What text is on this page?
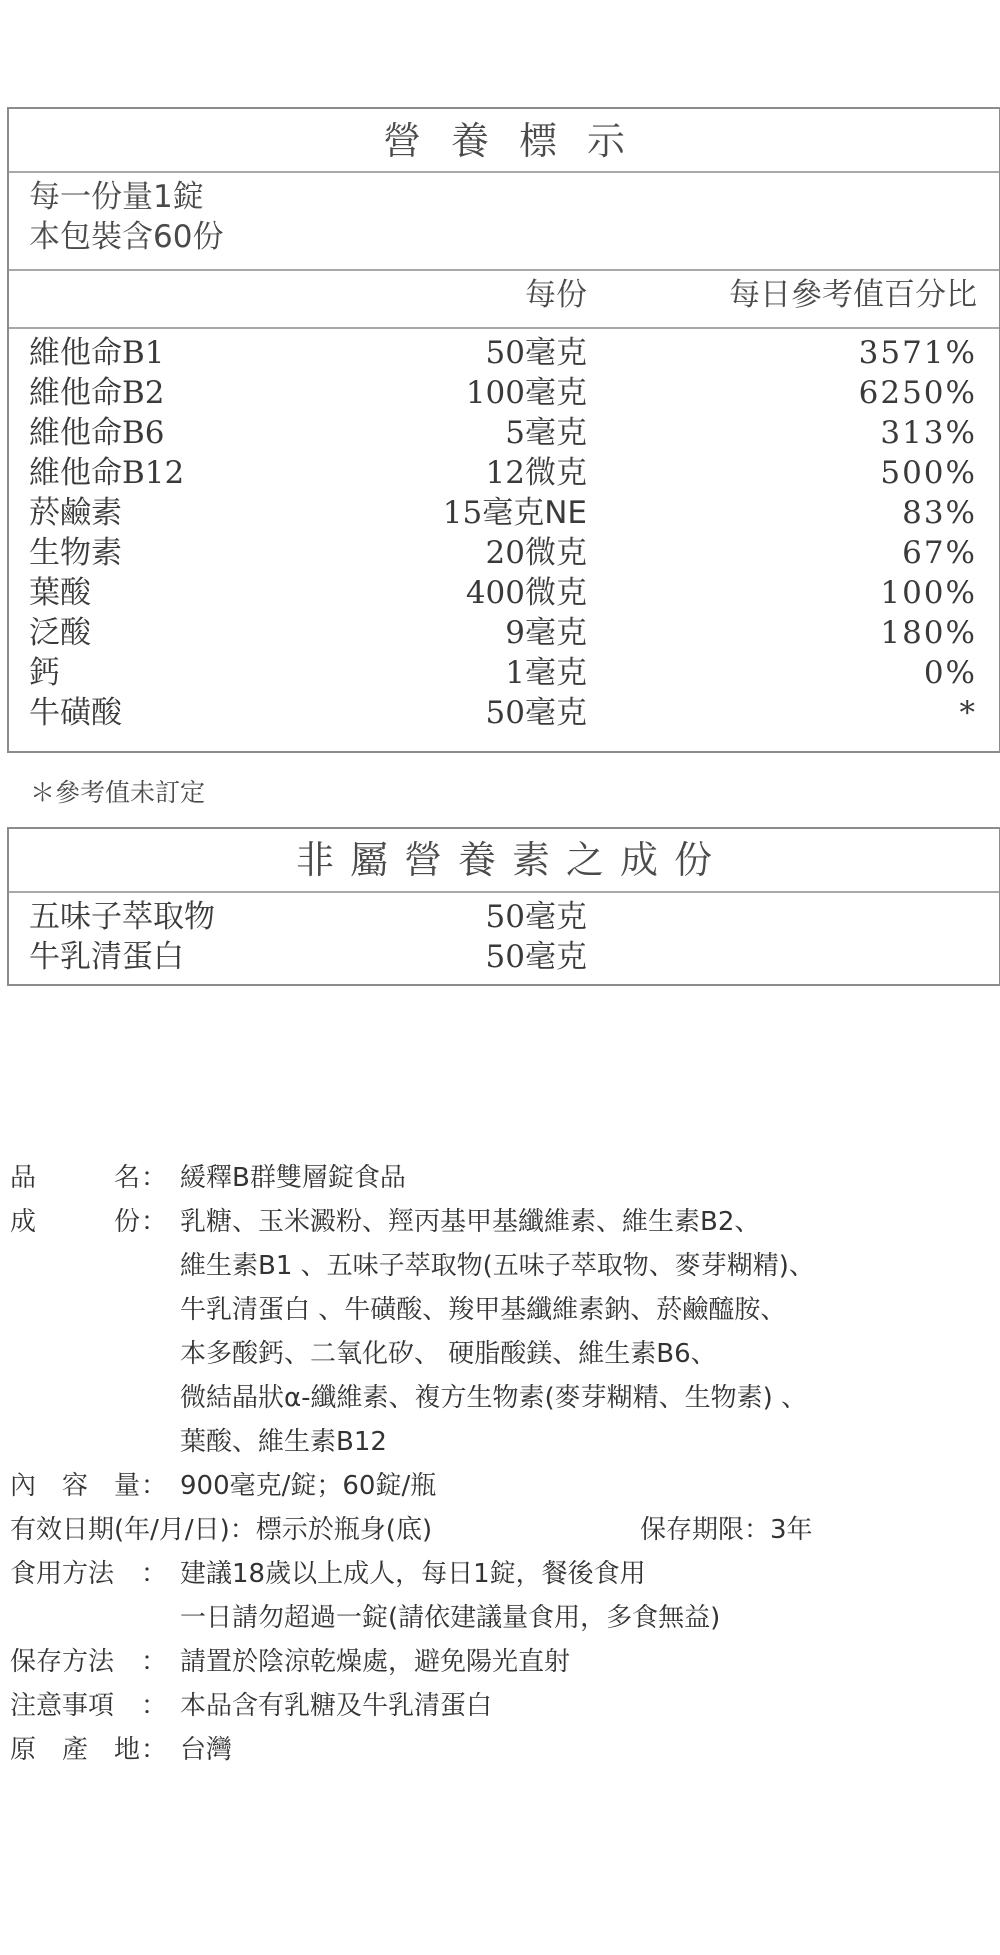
營養標示
每一份量1錠
本包裝含60份
每份	每日參考值百分比
維他命B1	50毫克	3571%
維他命B2	100毫克	6250%
維他命B6	5毫克	313%
維他命B12	12微克	500%
菸鹼素	15毫克NE	83%
生物素	20微克	67%
葉酸	400微克	100%
泛酸	9毫克	180%
鈣	1毫克	0%
牛磺酸	50毫克	*
＊參考值未訂定
非屬營養素之成份
五味子萃取物	50毫克
牛乳清蛋白	50毫克
品	名 ： 緩釋B群雙層錠食品
成	份 ： 乳糖、玉米澱粉、羥丙基甲基纖維素、維生素B2、
維生素B1 、五味子萃取物(五味子萃取物、麥芽糊精)、
牛乳清蛋白 、牛磺酸、羧甲基纖維素鈉、菸鹼醯胺、
本多酸鈣、二氧化矽、 硬脂酸鎂、維生素B6、
微結晶狀α-纖維素、複方生物素(麥芽糊精、生物素) 、
葉酸、維生素B12
內 容 量 ： 900毫克/錠；60錠/瓶
有效日期(年/月/日)：標示於瓶身(底)	保存期限：3年
食用方法	： 建議18歲以上成人，每日1錠，餐後食用
一日請勿超過一錠(請依建議量食用，多食無益)
保存方法	： 請置於陰涼乾燥處，避免陽光直射
注意事項	： 本品含有乳糖及牛乳清蛋白
原 產 地 ： 台灣
